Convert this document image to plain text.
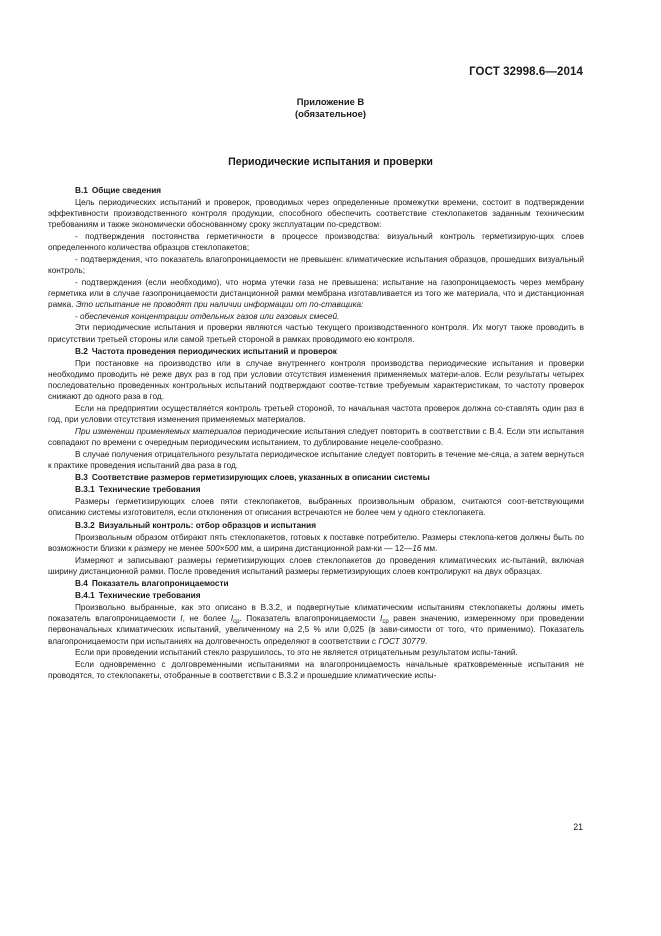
ГОСТ 32998.6—2014
Приложение В
(обязательное)
Периодические испытания и проверки

В.1 Общие сведения

Цель периодических испытаний и проверок, проводимых через определенные промежутки времени, состоит в подтверждении эффективности производственного контроля продукции, способного обеспечить соответствие стеклопакетов заданным техническим требованиям и также экономически обоснованному сроку эксплуатации по-средством:

- подтверждения постоянства герметичности в процессе производства: визуальный контроль герметизирую-щих слоев определенного количества образцов стеклопакетов;

- подтверждения, что показатель влагопроницаемости не превышен: климатические испытания образцов, прошедших визуальный контроль;

- подтверждения (если необходимо), что норма утечки газа не превышена: испытание на газопроницаемость через мембрану герметика или в случае газопроницаемости дистанционной рамки мембрана изготавливается из того же материала, что и дистанционная рамка. Это испытание не проводят при наличии информации от по-ставщика:

- обеспечения концентрации отдельных газов или газовых смесей.

Эти периодические испытания и проверки являются частью текущего производственного контроля. Их могут также проводить в присутствии третьей стороны или самой третьей стороной в рамках проводимого ею контроля.

В.2 Частота проведения периодических испытаний и проверок

При постановке на производство или в случае внутреннего контроля производства периодические испытания и проверки необходимо проводить не реже двух раз в год при условии отсутствия изменения применяемых матери-алов. Если результаты четырех последовательно проведенных контрольных испытаний подтверждают соотве-тствие требуемым характеристикам, то частоту проверок снижают до одного раза в год.

Если на предприятии осуществляется контроль третьей стороной, то начальная частота проверок должна со-ставлять один раз в год, при условии отсутствия изменения применяемых материалов.

При изменении применяемых материалов периодические испытания следует повторить в соответствии с В.4. Если эти испытания совпадают по времени с очередным периодическим испытанием, то дублирование нецеле-сообразно.

В случае получения отрицательного результата периодическое испытание следует повторить в течение ме-сяца, а затем вернуться к практике проведения испытаний два раза в год.

В.3 Соответствие размеров герметизирующих слоев, указанных в описании системы

В.3.1 Технические требования

Размеры герметизирующих слоев пяти стеклопакетов, выбранных произвольным образом, считаются соот-ветствующими описанию системы изготовителя, если отклонения от описания встречаются не более чем у одного стеклопакета.

В.3.2 Визуальный контроль: отбор образцов и испытания

Произвольным образом отбирают пять стеклопакетов, готовых к поставке потребителю. Размеры стеклопа-кетов должны быть по возможности близки к размеру не менее 500×500 мм, а ширина дистанционной рам-ки — 12—16 мм.

Измеряют и записывают размеры герметизирующих слоев стеклопакетов до проведения климатических ис-пытаний, включая ширину дистанционной рамки. После проведения испытаний размеры герметизирующих слоев контролируют на двух образцах.

В.4 Показатель влагопроницаемости

В.4.1 Технические требования

Произвольно выбранные, как это описано в В.3.2, и подвергнутые климатическим испытаниям стеклопакеты должны иметь показатель влагопроницаемости I, не более $I_{ср}$. Показатель влагопроницаемости $I_{ср}$ равен значению, измеренному при проведении первоначальных климатических испытаний, увеличенному на 2,5 % или 0,025 (в зави-симости от того, что применимо). Показатель влагопроницаемости при испытаниях на долговечность определяют в соответствии с ГОСТ 30779.

Если при проведении испытаний стекло разрушилось, то это не является отрицательным результатом испы-таний.

Если одновременно с долговременными испытаниями на влагопроницаемость начальные кратковременные испытания не проводятся, то стеклопакеты, отобранные в соответствии с В.3.2 и прошедшие климатические испы-

21
